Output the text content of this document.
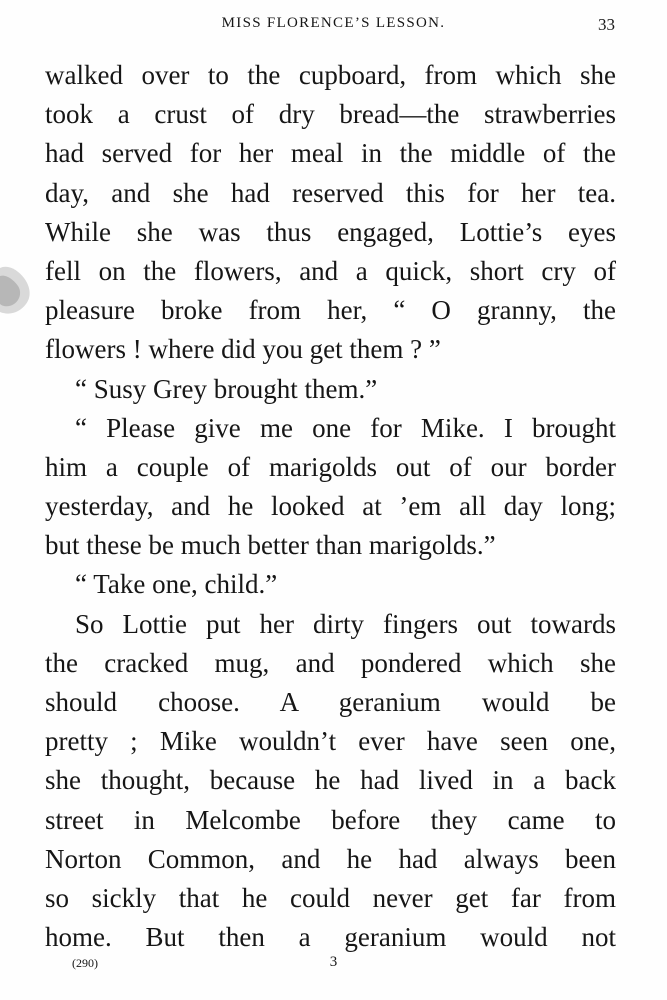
MISS FLORENCE’S LESSON.	33
walked over to the cupboard, from which she
took a crust of dry bread—the strawberries
had served for her meal in the middle of the
day, and she had reserved this for her tea.
While she was thus engaged, Lottie’s eyes
fell on the flowers, and a quick, short cry of
pleasure broke from her, “ O granny, the
flowers ! where did you get them ? ”
“ Susy Grey brought them.”
“ Please give me one for Mike. I brought
him a couple of marigolds out of our border
yesterday, and he looked at ’em all day long;
but these be much better than marigolds.”
“ Take one, child.”
So Lottie put her dirty fingers out towards
the cracked mug, and pondered which she
should choose. A geranium would be
pretty ; Mike wouldn’t ever have seen one,
she thought, because he had lived in a back
street in Melcombe before they came to
Norton Common, and he had always been
so sickly that he could never get far from
home. But then a geranium would not
(290)	3
